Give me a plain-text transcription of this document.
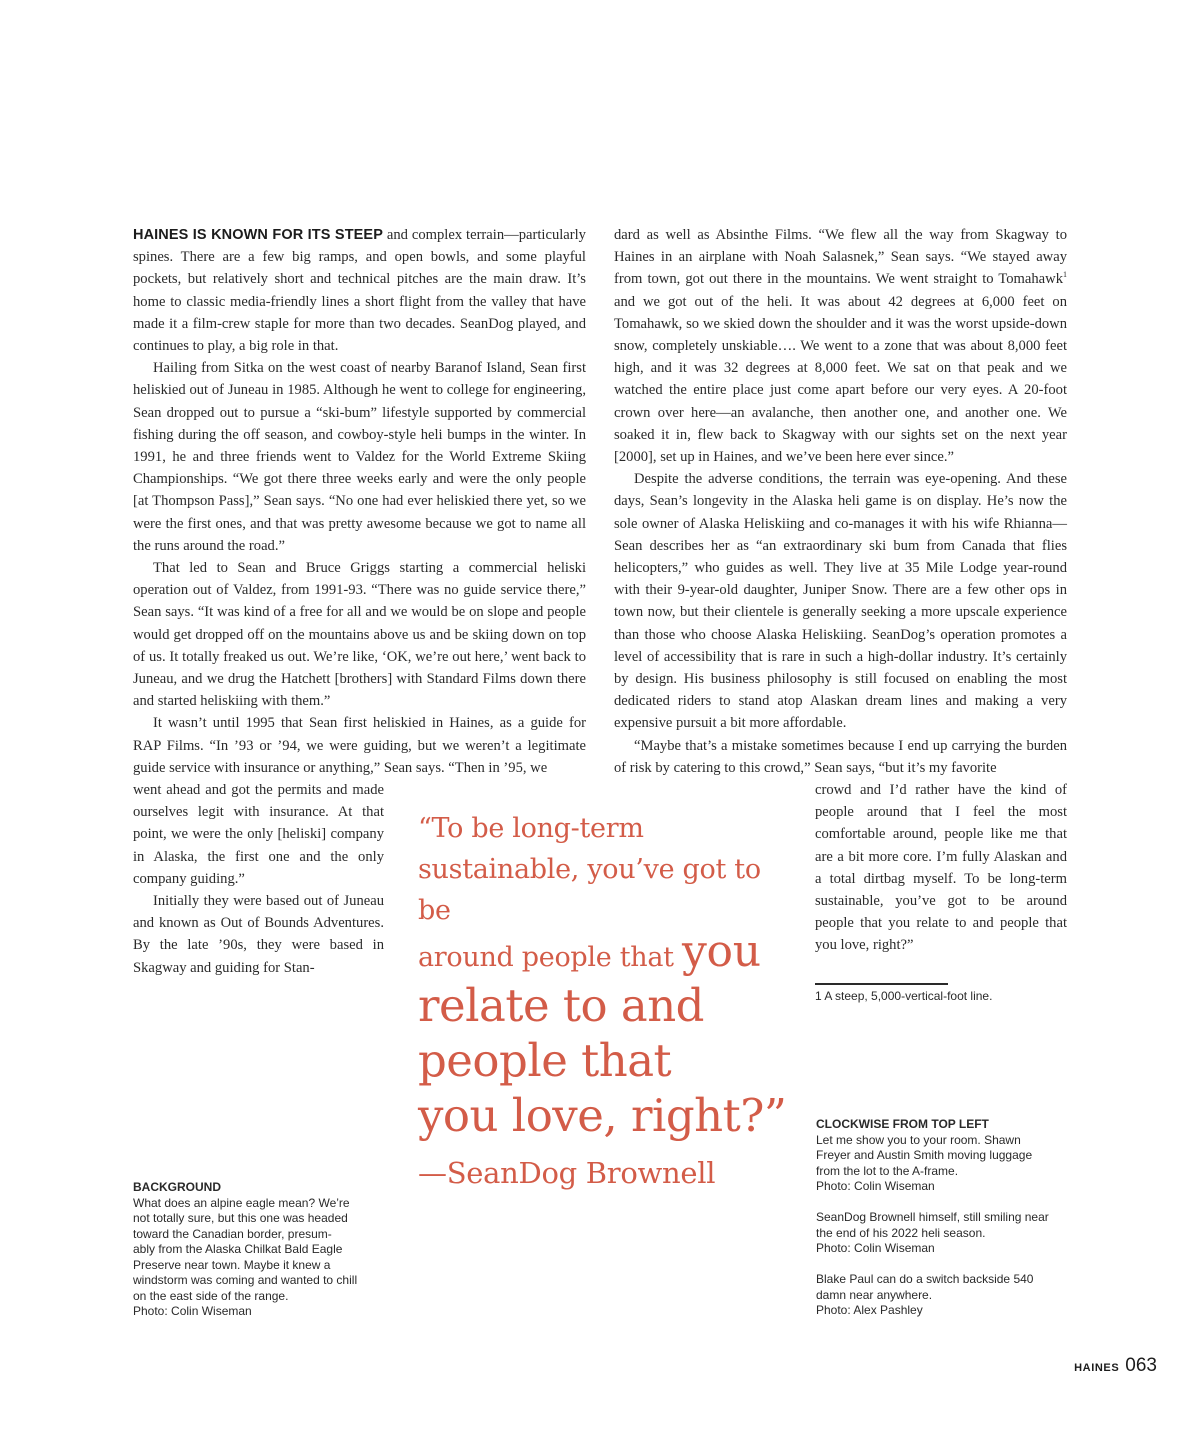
HAINES IS KNOWN FOR ITS STEEP and complex terrain—particularly spines. There are a few big ramps, and open bowls, and some playful pockets, but relatively short and technical pitches are the main draw. It’s home to classic media-friendly lines a short flight from the valley that have made it a film-crew staple for more than two decades. SeanDog played, and continues to play, a big role in that.

Hailing from Sitka on the west coast of nearby Baranof Island, Sean first heliskied out of Juneau in 1985. Although he went to college for engineering, Sean dropped out to pursue a “ski-bum” lifestyle supported by commercial fishing during the off season, and cowboy-style heli bumps in the winter. In 1991, he and three friends went to Valdez for the World Extreme Skiing Championships. “We got there three weeks early and were the only people [at Thompson Pass],” Sean says. “No one had ever heliskied there yet, so we were the first ones, and that was pretty awesome because we got to name all the runs around the road.”

That led to Sean and Bruce Griggs starting a commercial heliski operation out of Valdez, from 1991-93. “There was no guide service there,” Sean says. “It was kind of a free for all and we would be on slope and people would get dropped off on the mountains above us and be skiing down on top of us. It totally freaked us out. We’re like, ‘OK, we’re out here,’ went back to Juneau, and we drug the Hatchett [brothers] with Standard Films down there and started heliskiing with them.”

It wasn’t until 1995 that Sean first heliskied in Haines, as a guide for RAP Films. “In ’93 or ’94, we were guiding, but we weren’t a legitimate guide service with insurance or anything,” Sean says. “Then in ’95, we

went ahead and got the permits and made ourselves legit with insurance. At that point, we were the only [heliski] company in Alaska, the first one and the only company guiding.”

Initially they were based out of Juneau and known as Out of Bounds Adventures. By the late ’90s, they were based in Skagway and guiding for Stan-

dard as well as Absinthe Films. “We flew all the way from Skagway to Haines in an airplane with Noah Salasnek,” Sean says. “We stayed away from town, got out there in the mountains. We went straight to Tomahawk$^1$ and we got out of the heli. It was about 42 degrees at 6,000 feet on Tomahawk, so we skied down the shoulder and it was the worst upside-down snow, completely unskiable…. We went to a zone that was about 8,000 feet high, and it was 32 degrees at 8,000 feet. We sat on that peak and we watched the entire place just come apart before our very eyes. A 20-foot crown over here—an avalanche, then another one, and another one. We soaked it in, flew back to Skagway with our sights set on the next year [2000], set up in Haines, and we’ve been here ever since.”

Despite the adverse conditions, the terrain was eye-opening. And these days, Sean’s longevity in the Alaska heli game is on display. He’s now the sole owner of Alaska Heliskiing and co-manages it with his wife Rhianna—Sean describes her as “an extraordinary ski bum from Canada that flies helicopters,” who guides as well. They live at 35 Mile Lodge year-round with their 9-year-old daughter, Juniper Snow. There are a few other ops in town now, but their clientele is generally seeking a more upscale experience than those who choose Alaska Heliskiing. SeanDog’s operation promotes a level of accessibility that is rare in such a high-dollar industry. It’s certainly by design. His business philosophy is still focused on enabling the most dedicated riders to stand atop Alaskan dream lines and making a very expensive pursuit a bit more affordable.

“Maybe that’s a mistake sometimes because I end up carrying the burden of risk by catering to this crowd,” Sean says, “but it’s my favorite

crowd and I’d rather have the kind of people around that I feel the most comfortable around, people like me that are a bit more core. I’m fully Alaskan and a total dirtbag myself. To be long-term sustainable, you’ve got to be around people that you relate to and people that you love, right?”

“To be long-term
sustainable, you’ve got to be
around people that you
relate to and
people that
you love, right?”
—SeanDog Brownell
1 A steep, 5,000-vertical-foot line.
BACKGROUND
What does an alpine eagle mean? We’re
not totally sure, but this one was headed
toward the Canadian border, presum-
ably from the Alaska Chilkat Bald Eagle
Preserve near town. Maybe it knew a
windstorm was coming and wanted to chill
on the east side of the range.
Photo: Colin Wiseman
CLOCKWISE FROM TOP LEFT
Let me show you to your room. Shawn
Freyer and Austin Smith moving luggage
from the lot to the A-frame.
Photo: Colin Wiseman
SeanDog Brownell himself, still smiling near
the end of his 2022 heli season.
Photo: Colin Wiseman
Blake Paul can do a switch backside 540
damn near anywhere.
Photo: Alex Pashley
HAINES 063
